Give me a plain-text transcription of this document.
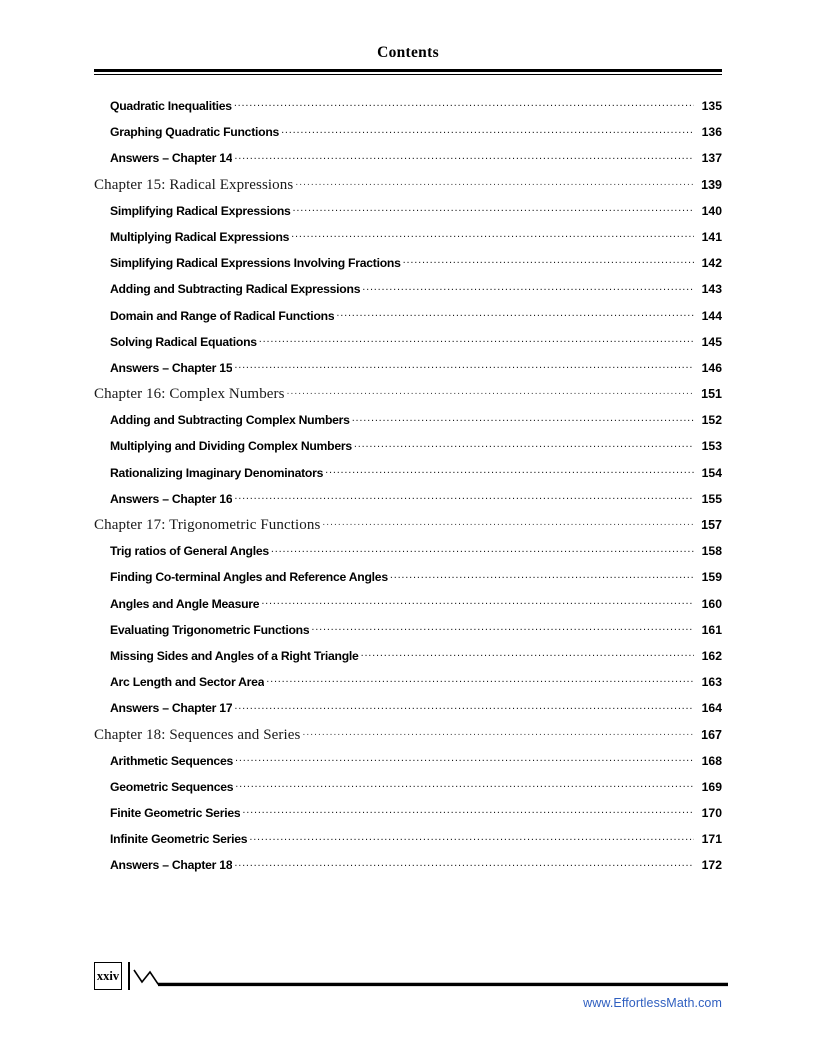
Contents
Quadratic Inequalities .....	135
Graphing Quadratic Functions .....	136
Answers – Chapter 14 .....	137
Chapter 15: Radical Expressions .....	139
Simplifying Radical Expressions .....	140
Multiplying Radical Expressions .....	141
Simplifying Radical Expressions Involving Fractions .....	142
Adding and Subtracting Radical Expressions .....	143
Domain and Range of Radical Functions .....	144
Solving Radical Equations .....	145
Answers – Chapter 15 .....	146
Chapter 16: Complex Numbers .....	151
Adding and Subtracting Complex Numbers .....	152
Multiplying and Dividing Complex Numbers .....	153
Rationalizing Imaginary Denominators .....	154
Answers – Chapter 16 .....	155
Chapter 17: Trigonometric Functions .....	157
Trig ratios of General Angles .....	158
Finding Co-terminal Angles and Reference Angles .....	159
Angles and Angle Measure .....	160
Evaluating Trigonometric Functions .....	161
Missing Sides and Angles of a Right Triangle .....	162
Arc Length and Sector Area .....	163
Answers – Chapter 17 .....	164
Chapter 18: Sequences and Series .....	167
Arithmetic Sequences .....	168
Geometric Sequences .....	169
Finite Geometric Series .....	170
Infinite Geometric Series .....	171
Answers – Chapter 18 .....	172
xxiv
www.EffortlessMath.com
